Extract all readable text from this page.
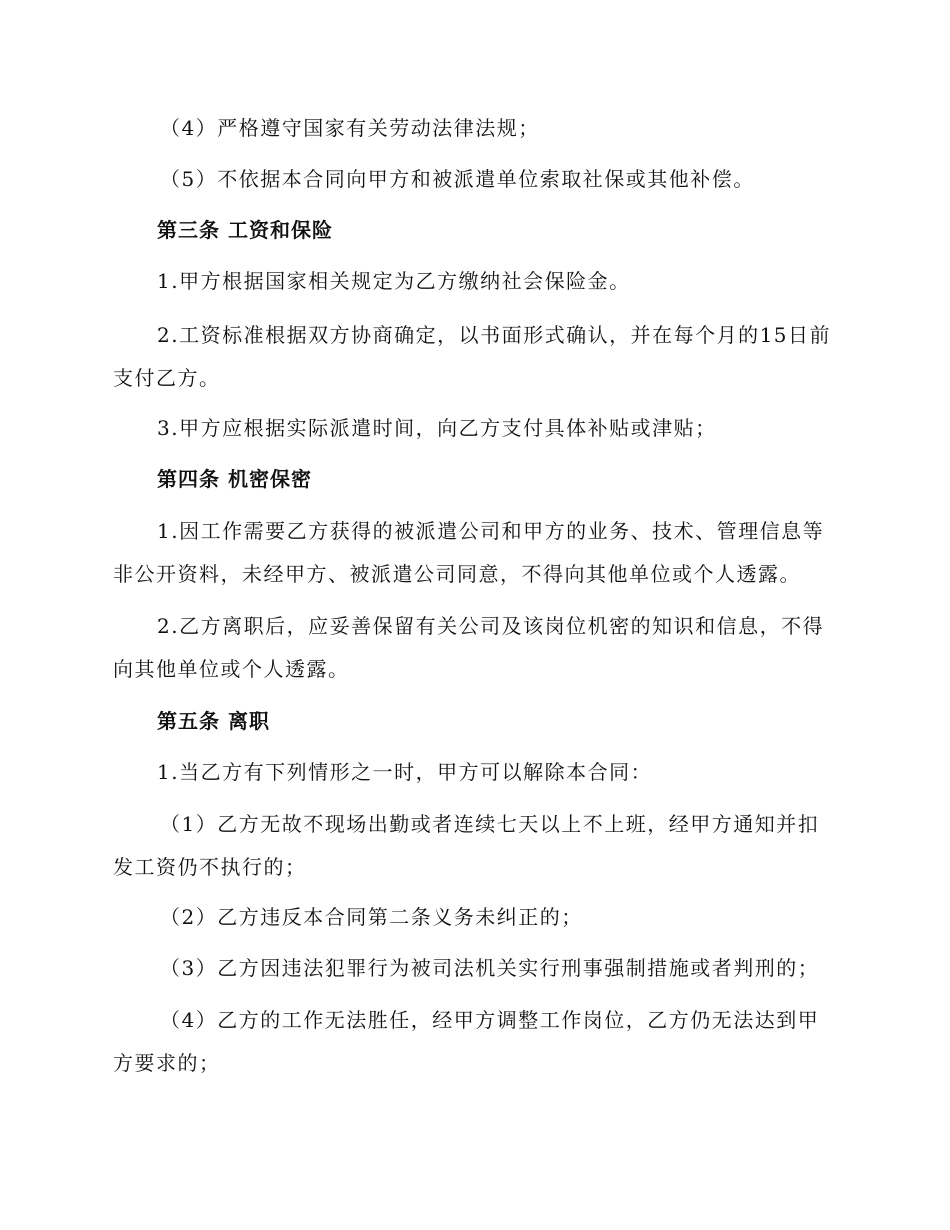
（4）严格遵守国家有关劳动法律法规；
（5）不依据本合同向甲方和被派遣单位索取社保或其他补偿。
第三条 工资和保险
1.甲方根据国家相关规定为乙方缴纳社会保险金。
2.工资标准根据双方协商确定，以书面形式确认，并在每个月的15日前
支付乙方。
3.甲方应根据实际派遣时间，向乙方支付具体补贴或津贴；
第四条 机密保密
1.因工作需要乙方获得的被派遣公司和甲方的业务、技术、管理信息等
非公开资料，未经甲方、被派遣公司同意，不得向其他单位或个人透露。
2.乙方离职后，应妥善保留有关公司及该岗位机密的知识和信息，不得
向其他单位或个人透露。
第五条 离职
1.当乙方有下列情形之一时，甲方可以解除本合同：
（1）乙方无故不现场出勤或者连续七天以上不上班，经甲方通知并扣
发工资仍不执行的；
（2）乙方违反本合同第二条义务未纠正的；
（3）乙方因违法犯罪行为被司法机关实行刑事强制措施或者判刑的；
（4）乙方的工作无法胜任，经甲方调整工作岗位，乙方仍无法达到甲
方要求的；
